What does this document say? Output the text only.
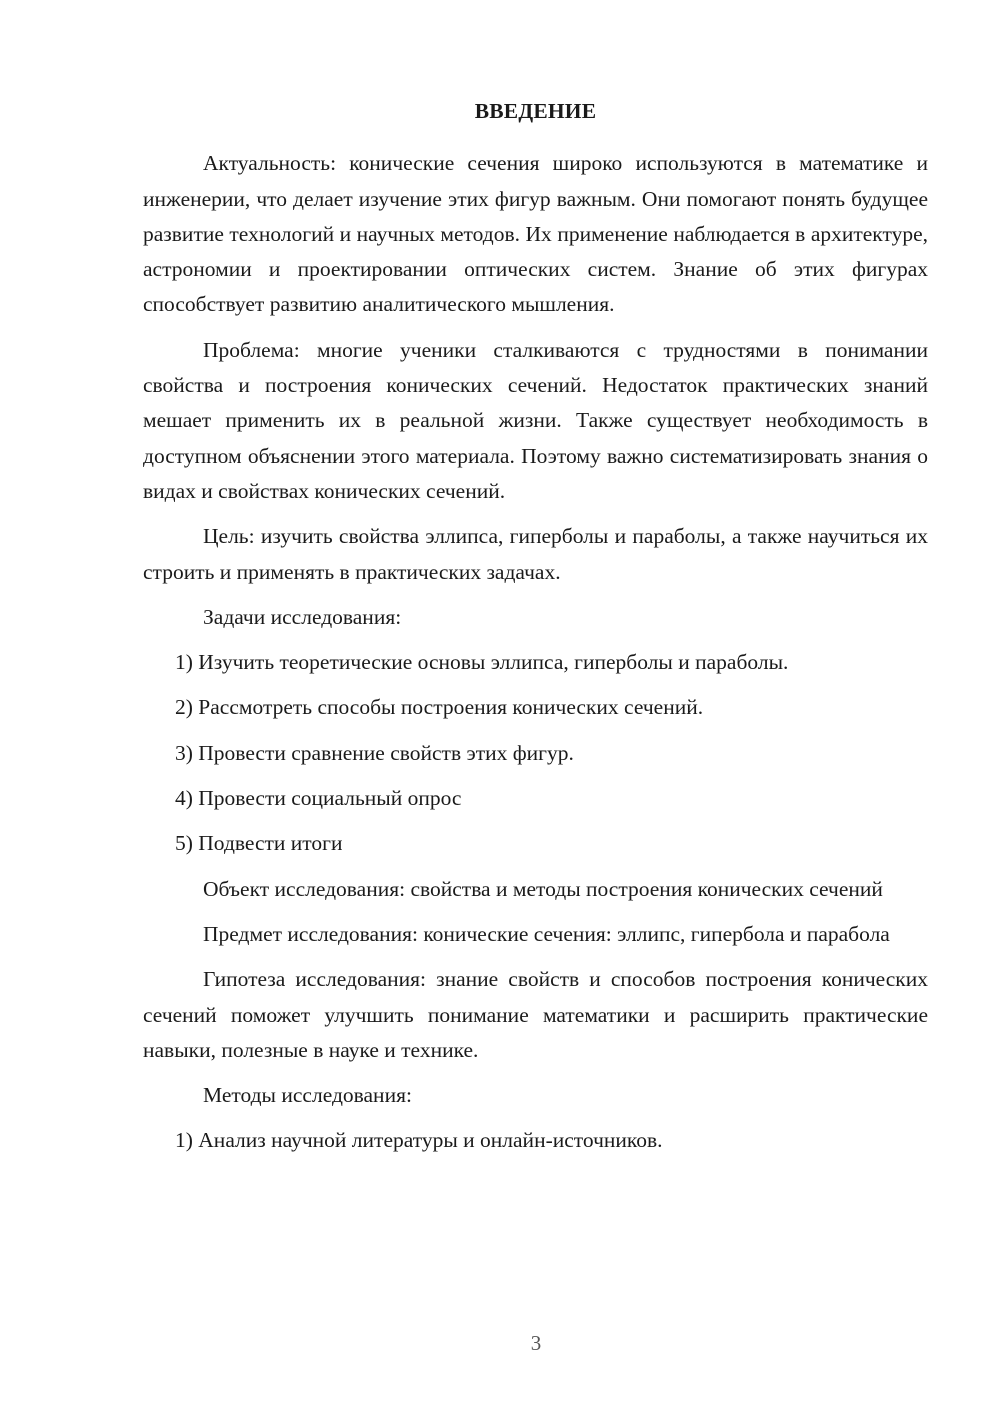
ВВЕДЕНИЕ

Актуальность: конические сечения широко используются в математике и инженерии, что делает изучение этих фигур важным. Они помогают понять будущее развитие технологий и научных методов. Их применение наблюдается в архитектуре, астрономии и проектировании оптических систем. Знание об этих фигурах способствует развитию аналитического мышления.

Проблема: многие ученики сталкиваются с трудностями в понимании свойства и построения конических сечений. Недостаток практических знаний мешает применить их в реальной жизни. Также существует необходимость в доступном объяснении этого материала. Поэтому важно систематизировать знания о видах и свойствах конических сечений.

Цель: изучить свойства эллипса, гиперболы и параболы, а также научиться их строить и применять в практических задачах.

Задачи исследования:

1) Изучить теоретические основы эллипса, гиперболы и параболы.

2) Рассмотреть способы построения конических сечений.

3) Провести сравнение свойств этих фигур.

4) Провести социальный опрос

5) Подвести итоги

Объект исследования: свойства и методы построения конических сечений

Предмет исследования: конические сечения: эллипс, гипербола и парабола

Гипотеза исследования: знание свойств и способов построения конических сечений поможет улучшить понимание математики и расширить практические навыки, полезные в науке и технике.

Методы исследования:

1) Анализ научной литературы и онлайн-источников.

3
